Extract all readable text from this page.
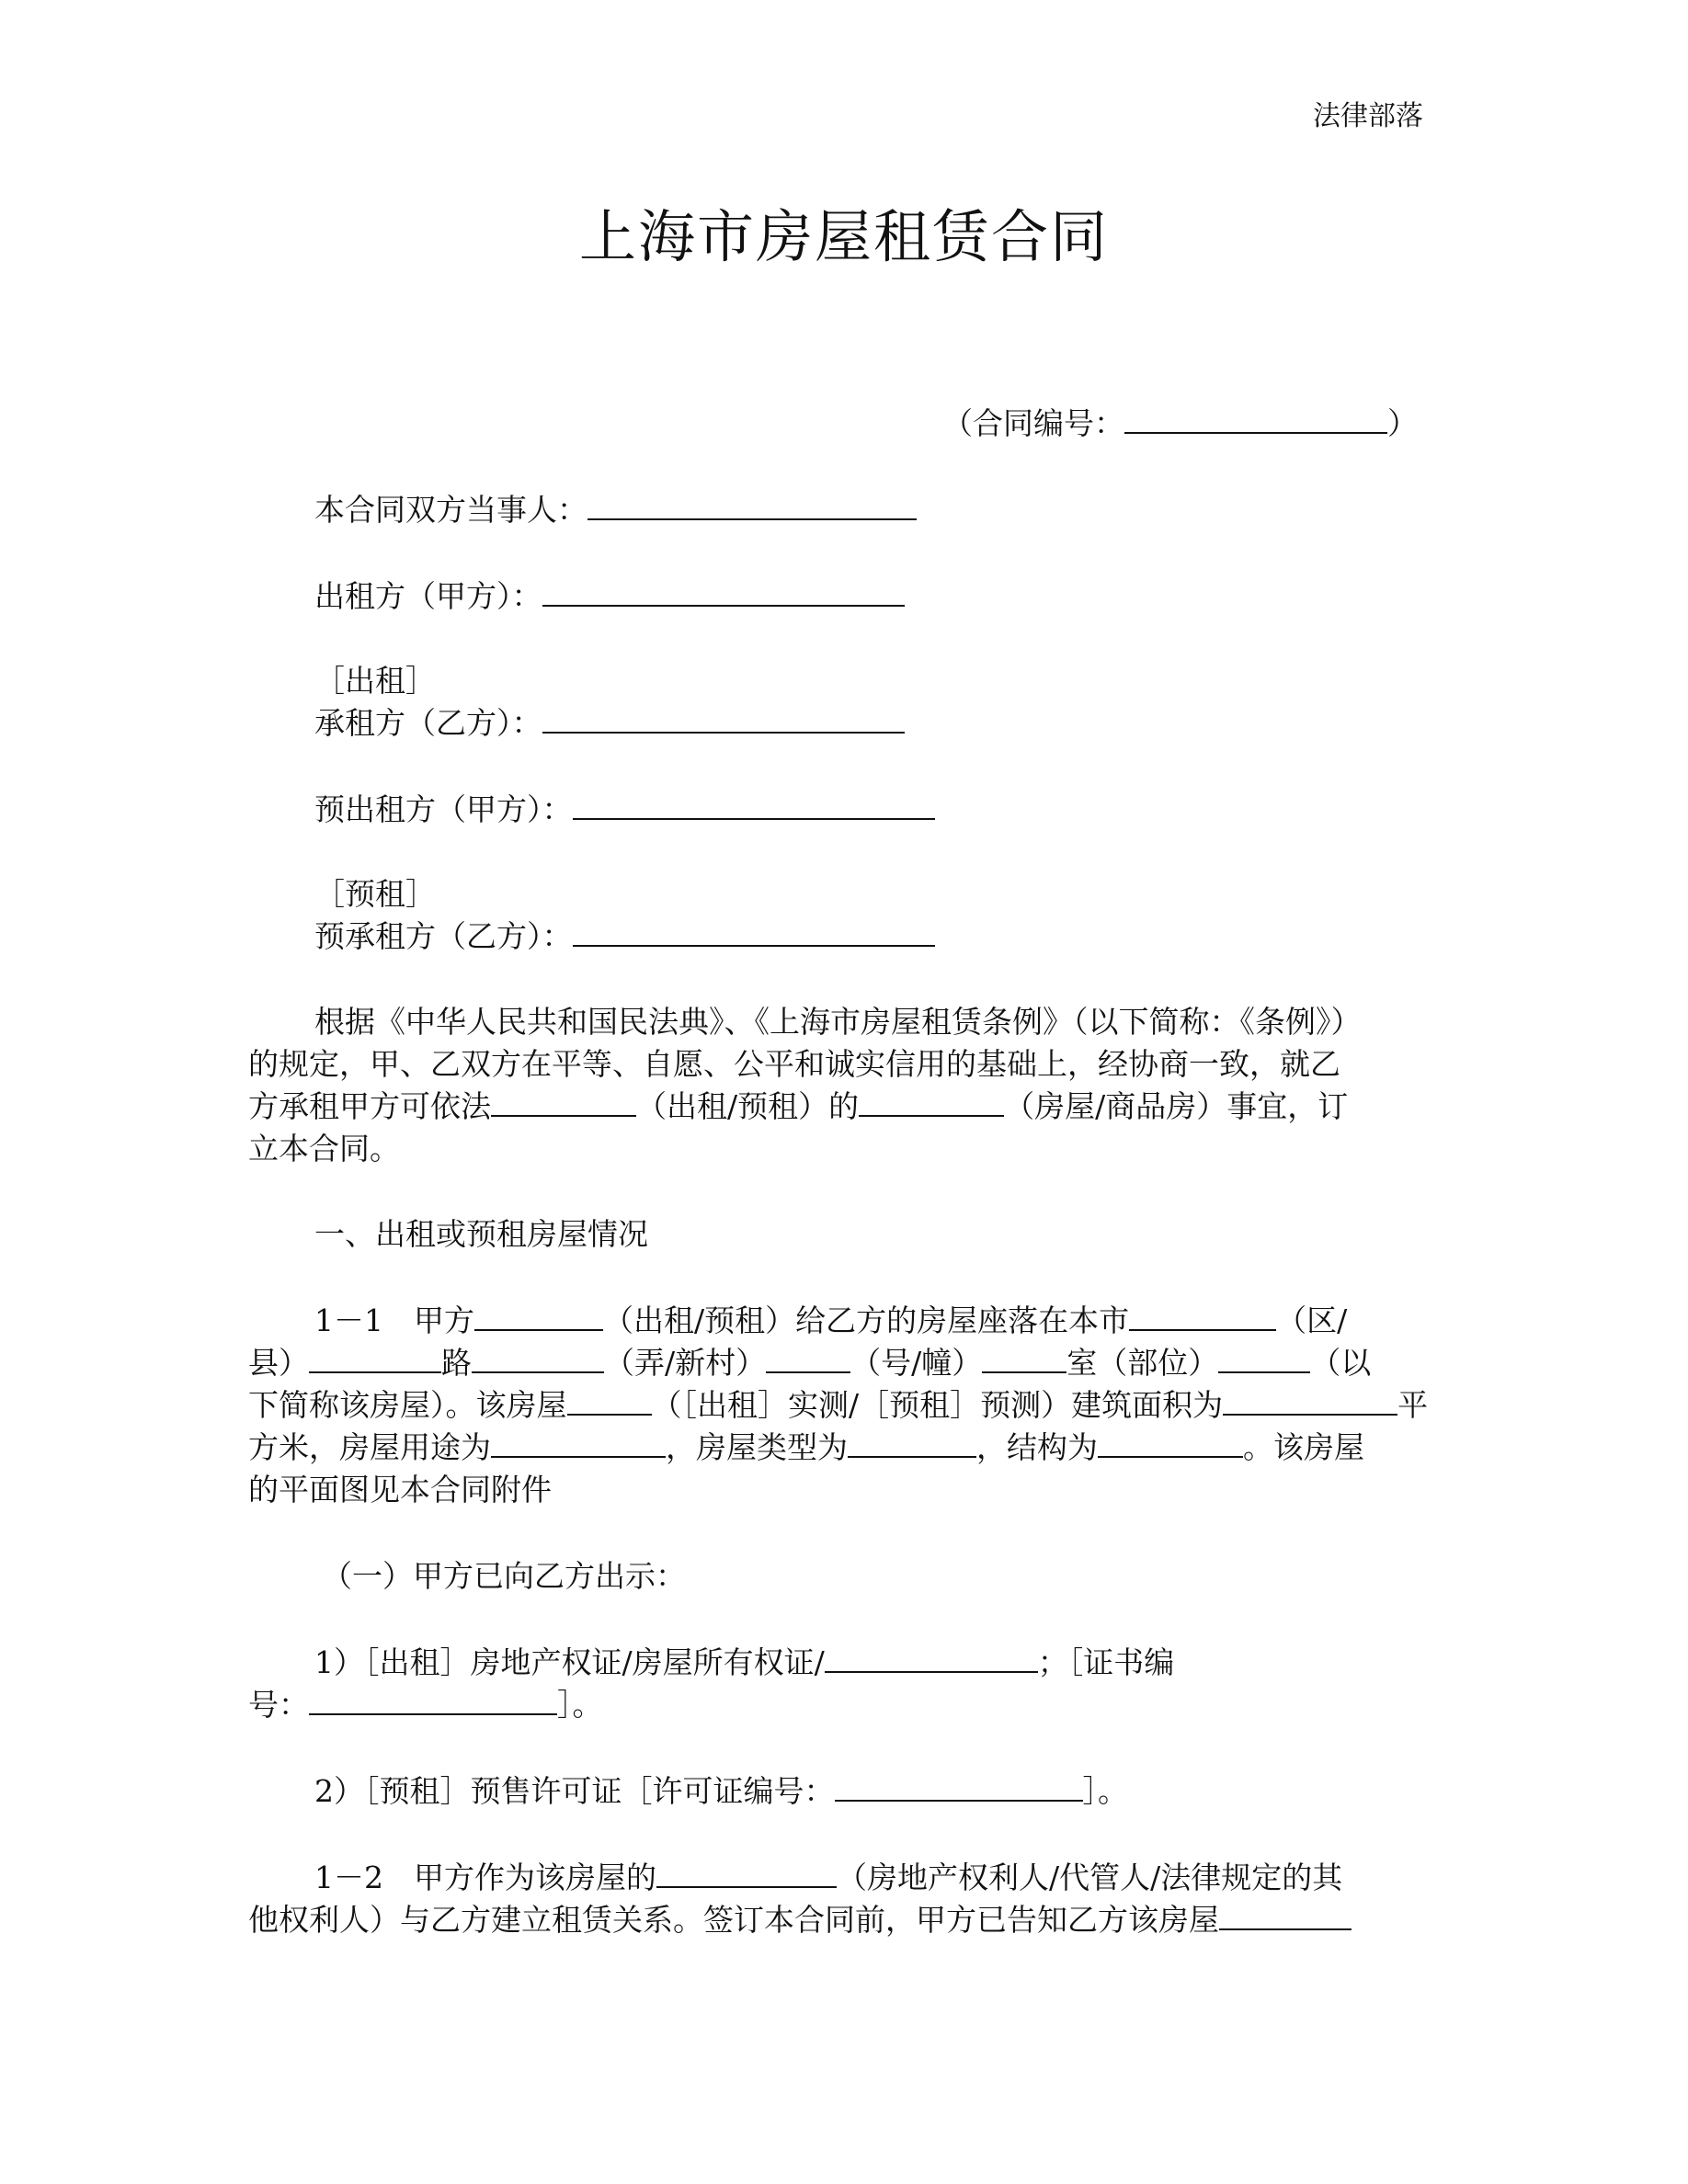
法律部落
上海市房屋租赁合同
（合同编号：	）
本合同双方当事人：
出租方（甲方）：
［出租］
承租方（乙方）：
预出租方（甲方）：
［预租］
预承租方（乙方）：
根据《中华人民共和国民法典》、《上海市房屋租赁条例》（以下简称：《条例》）
的规定，甲、乙双方在平等、自愿、公平和诚实信用的基础上，经协商一致，就乙
方承租甲方可依法	（出租/预租）的	（房屋/商品房）事宜，订
立本合同。
一、出租或预租房屋情况
1－1　甲方	（出租/预租）给乙方的房屋座落在本市	（区/
县）	路	（弄/新村）	（号/幢）	室（部位）	（以
下简称该房屋）。该房屋	（［出租］实测/［预租］预测）建筑面积为	平
方米，房屋用途为	，房屋类型为	，结构为	。该房屋
的平面图见本合同附件
（一）甲方已向乙方出示：
1）［出租］房地产权证/房屋所有权证/	；［证书编
号：	］。
2）［预租］预售许可证［许可证编号：	］。
1－2　甲方作为该房屋的	（房地产权利人/代管人/法律规定的其
他权利人）与乙方建立租赁关系。签订本合同前，甲方已告知乙方该房屋
